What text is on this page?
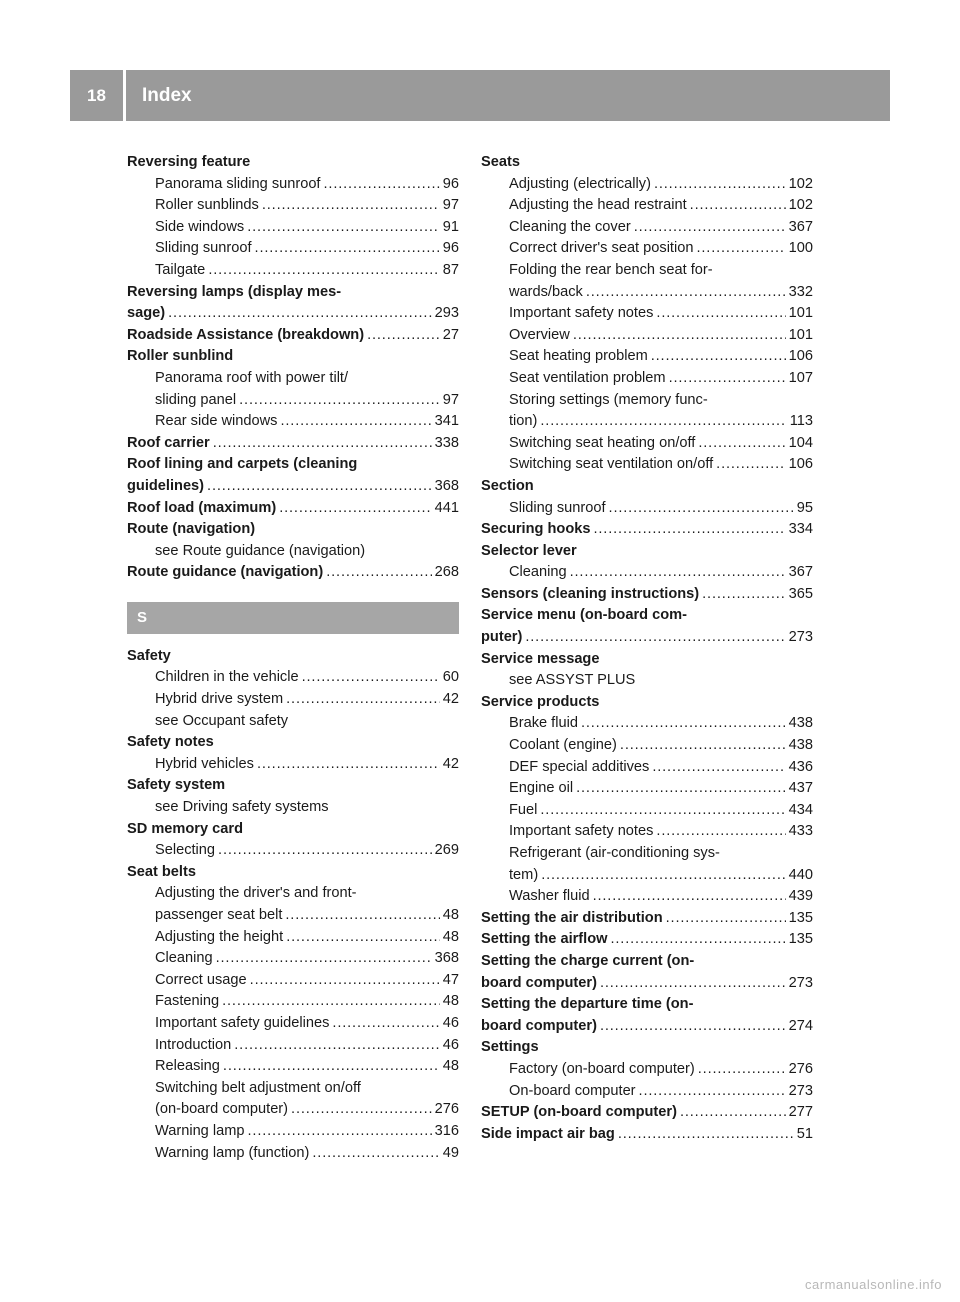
18	Index
Reversing feature
Panorama sliding sunroof . . .	96
Roller sunblinds . . .	97
Side windows . . .	91
Sliding sunroof . . .	96
Tailgate . . .	87
Reversing lamps (display mes-
sage) . . .	293
Roadside Assistance (breakdown) . . .	27
Roller sunblind
Panorama roof with power tilt/
sliding panel . . .	97
Rear side windows . . .	341
Roof carrier . . .	338
Roof lining and carpets (cleaning
guidelines) . . .	368
Roof load (maximum) . . .	441
Route (navigation)
see Route guidance (navigation)
Route guidance (navigation) . . .	268
S
Safety
Children in the vehicle . . .	60
Hybrid drive system . . .	42
see Occupant safety
Safety notes
Hybrid vehicles . . .	42
Safety system
see Driving safety systems
SD memory card
Selecting . . .	269
Seat belts
Adjusting the driver's and front-
passenger seat belt . . .	48
Adjusting the height . . .	48
Cleaning . . .	368
Correct usage . . .	47
Fastening . . .	48
Important safety guidelines . . .	46
Introduction . . .	46
Releasing . . .	48
Switching belt adjustment on/off
(on-board computer) . . .	276
Warning lamp . . .	316
Warning lamp (function) . . .	49
Seats
Adjusting (electrically) . . .	102
Adjusting the head restraint . . .	102
Cleaning the cover . . .	367
Correct driver's seat position . . .	100
Folding the rear bench seat for-
wards/back . . .	332
Important safety notes . . .	101
Overview . . .	101
Seat heating problem . . .	106
Seat ventilation problem . . .	107
Storing settings (memory func-
tion) . . .	113
Switching seat heating on/off . . .	104
Switching seat ventilation on/off . . .	106
Section
Sliding sunroof . . .	95
Securing hooks . . .	334
Selector lever
Cleaning . . .	367
Sensors (cleaning instructions) . . .	365
Service menu (on-board com-
puter) . . .	273
Service message
see ASSYST PLUS
Service products
Brake fluid . . .	438
Coolant (engine) . . .	438
DEF special additives . . .	436
Engine oil . . .	437
Fuel . . .	434
Important safety notes . . .	433
Refrigerant (air-conditioning sys-
tem) . . .	440
Washer fluid . . .	439
Setting the air distribution . . .	135
Setting the airflow . . .	135
Setting the charge current (on-
board computer) . . .	273
Setting the departure time (on-
board computer) . . .	274
Settings
Factory (on-board computer) . . .	276
On-board computer . . .	273
SETUP (on-board computer) . . .	277
Side impact air bag . . .	51
carmanualsonline.info
